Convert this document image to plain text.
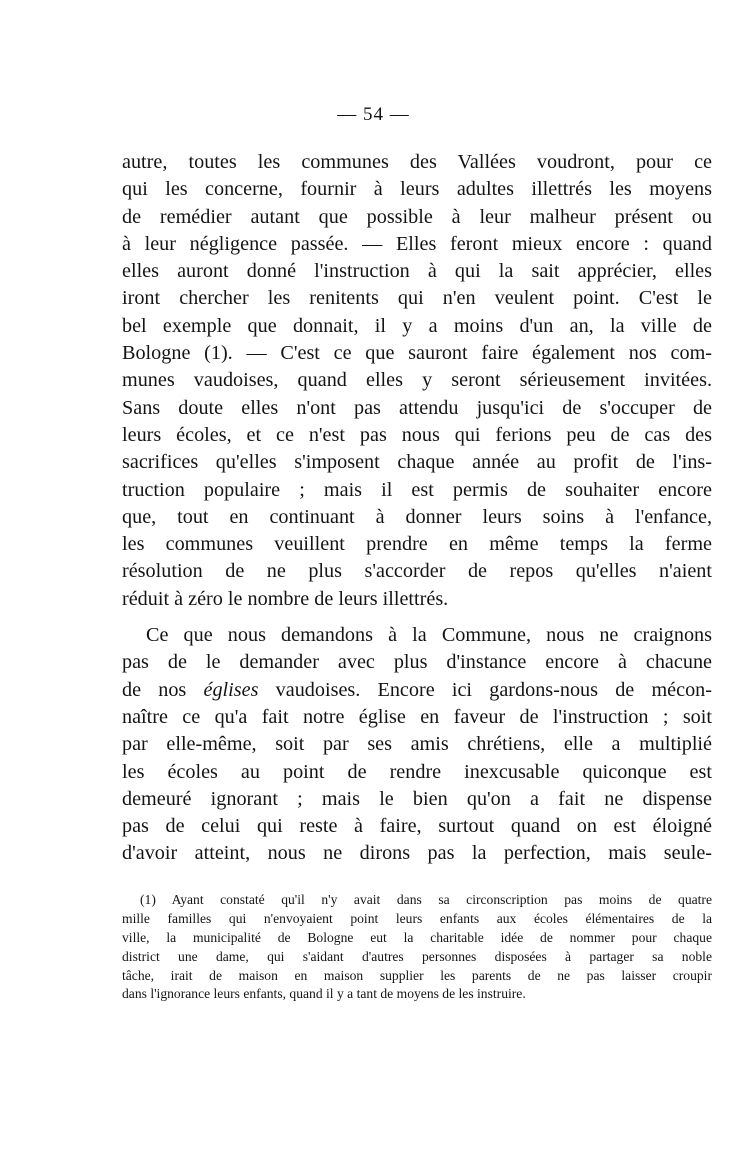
— 54 —
autre, toutes les communes des Vallées voudront, pour ce
qui les concerne, fournir à leurs adultes illettrés les moyens
de remédier autant que possible à leur malheur présent ou
à leur négligence passée. — Elles feront mieux encore : quand
elles auront donné l'instruction à qui la sait apprécier, elles
iront chercher les renitents qui n'en veulent point. C'est le
bel exemple que donnait, il y a moins d'un an, la ville de
Bologne (1). — C'est ce que sauront faire également nos com-
munes vaudoises, quand elles y seront sérieusement invitées.
Sans doute elles n'ont pas attendu jusqu'ici de s'occuper de
leurs écoles, et ce n'est pas nous qui ferions peu de cas des
sacrifices qu'elles s'imposent chaque année au profit de l'ins-
truction populaire ; mais il est permis de souhaiter encore
que, tout en continuant à donner leurs soins à l'enfance,
les communes veuillent prendre en même temps la ferme
résolution de ne plus s'accorder de repos qu'elles n'aient
réduit à zéro le nombre de leurs illettrés.
Ce que nous demandons à la Commune, nous ne craignons
pas de le demander avec plus d'instance encore à chacune
de nos églises vaudoises. Encore ici gardons-nous de mécon-
naître ce qu'a fait notre église en faveur de l'instruction ; soit
par elle-même, soit par ses amis chrétiens, elle a multiplié
les écoles au point de rendre inexcusable quiconque est
demeuré ignorant ; mais le bien qu'on a fait ne dispense
pas de celui qui reste à faire, surtout quand on est éloigné
d'avoir atteint, nous ne dirons pas la perfection, mais seule-
(1) Ayant constaté qu'il n'y avait dans sa circonscription pas moins de quatre
mille familles qui n'envoyaient point leurs enfants aux écoles élémentaires de la
ville, la municipalité de Bologne eut la charitable idée de nommer pour chaque
district une dame, qui s'aidant d'autres personnes disposées à partager sa noble
tâche, irait de maison en maison supplier les parents de ne pas laisser croupir
dans l'ignorance leurs enfants, quand il y a tant de moyens de les instruire.
